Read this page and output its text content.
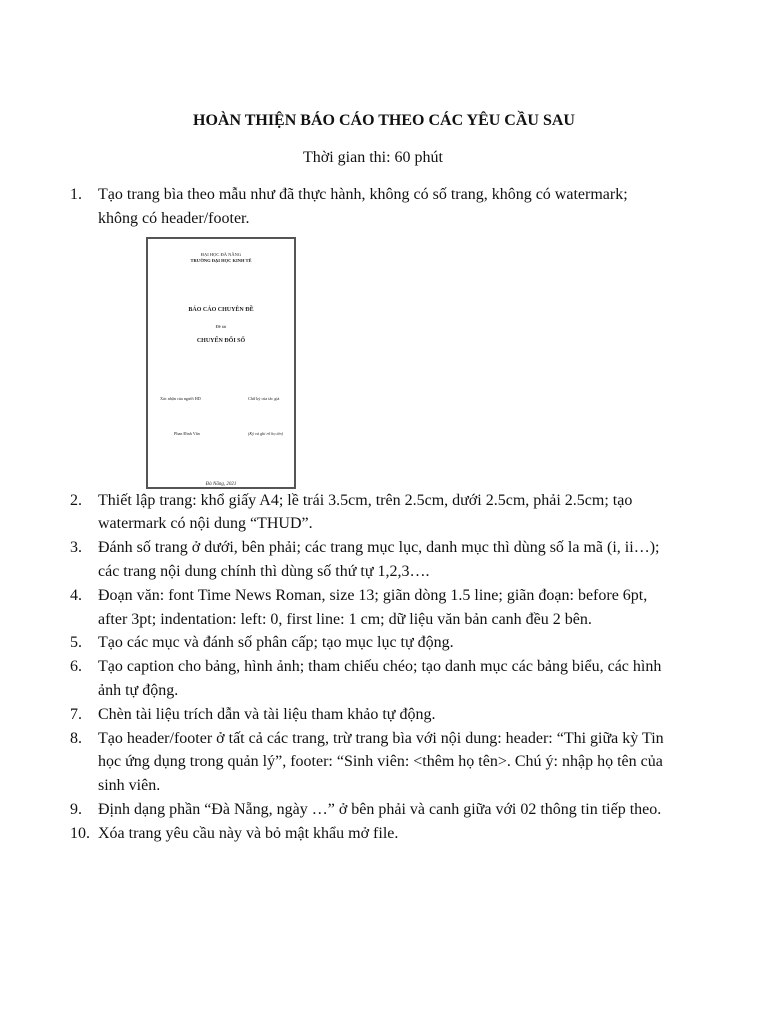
HOÀN THIỆN BÁO CÁO THEO CÁC YÊU CẦU SAU
Thời gian thi: 60 phút
1. Tạo trang bìa theo mẫu như đã thực hành, không có số trang, không có watermark; không có header/footer.
ĐẠI HỌC ĐÀ NẴNG
TRƯỜNG ĐẠI HỌC KINH TẾ
BÁO CÁO CHUYÊN ĐỀ
Đề tài
CHUYỂN ĐỔI SỐ
Xác nhận của người HD	Chữ ký của tác giả
Phan Đình Vấn	(Ký và ghi rõ họ tên)
Đà Nẵng, 2021
2. Thiết lập trang: khổ giấy A4; lề trái 3.5cm, trên 2.5cm, dưới 2.5cm, phải 2.5cm; tạo watermark có nội dung “THUD”.
3. Đánh số trang ở dưới, bên phải; các trang mục lục, danh mục thì dùng số la mã (i, ii…); các trang nội dung chính thì dùng số thứ tự 1,2,3….
4. Đoạn văn: font Time News Roman, size 13; giãn dòng 1.5 line; giãn đoạn: before 6pt, after 3pt; indentation: left: 0, first line: 1 cm; dữ liệu văn bản canh đều 2 bên.
5. Tạo các mục và đánh số phân cấp; tạo mục lục tự động.
6. Tạo caption cho bảng, hình ảnh; tham chiếu chéo; tạo danh mục các bảng biểu, các hình ảnh tự động.
7. Chèn tài liệu trích dẫn và tài liệu tham khảo tự động.
8. Tạo header/footer ở tất cả các trang, trừ trang bìa với nội dung: header: “Thi giữa kỳ Tin học ứng dụng trong quản lý”, footer: “Sinh viên: <thêm họ tên>. Chú ý: nhập họ tên của sinh viên.
9. Định dạng phần “Đà Nẵng, ngày …” ở bên phải và canh giữa với 02 thông tin tiếp theo.
10. Xóa trang yêu cầu này và bỏ mật khẩu mở file.
